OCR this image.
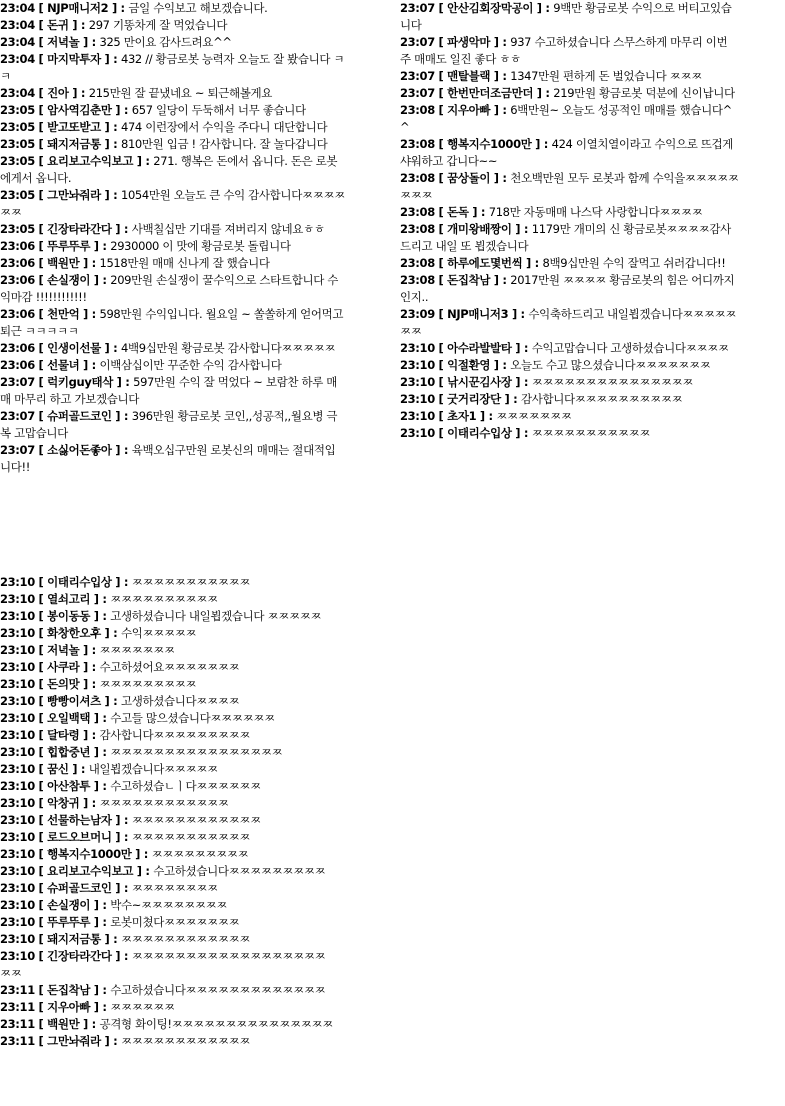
23:04 [ NJP매니저2 ] : 금일 수익보고 해보겠습니다.

23:04 [ 돈귀 ] : 297 기똥차게 잘 먹었습니다

23:04 [ 저녁놀 ] : 325 만이요 감사드려요^^

23:04 [ 마지막투자 ] : 432 // 황금로봇 능력자 오늘도 잘 봤습니다 ㅋㅋ

23:04 [ 진아 ] : 215만원 잘 끝냈네요 ~ 퇴근해볼게요

23:05 [ 암사역김춘만 ] : 657 일당이 두둑해서 너무 좋습니다

23:05 [ 받고또받고 ] : 474 이런장에서 수익을 주다니 대단합니다

23:05 [ 돼지저금통 ] : 810만원 입금 ! 감사합니다. 잘 놀다갑니다

23:05 [ 요리보고수익보고 ] : 271. 행복은 돈에서 옵니다. 돈은 로봇에게서 옵니다.

23:05 [ 그만놔줘라 ] : 1054만원 오늘도 큰 수익 감사합니다ㅉㅉㅉㅉㅉㅉ

23:05 [ 긴장타라간다 ] : 사백칠십만 기대를 져버리지 않네요ㅎㅎ

23:06 [ 뚜루뚜루 ] : 2930000 이 맛에 황금로봇 돌립니다

23:06 [ 백원만 ] : 1518만원 매매 신나게 잘 했습니다

23:06 [ 손실쟁이 ] : 209만원 손실쟁이 꿀수익으로 스타트합니다 수익마감 !!!!!!!!!!!!

23:06 [ 천만억 ] : 598만원 수익입니다. 월요일 ~ 쏠쏠하게 얻어먹고 퇴근 ㅋㅋㅋㅋㅋ

23:06 [ 인생이선물 ] : 4백9십만원 황금로봇 감사합니다ㅉㅉㅉㅉㅉ

23:06 [ 선물녀 ] : 이백삼십이만 꾸준한 수익 감사합니다

23:07 [ 럭키guy태삭 ] : 597만원 수익 잘 먹었다 ~ 보람찬 하루 매매 마무리 하고 가보겠습니다

23:07 [ 슈퍼골드코인 ] : 396만원 황금로봇 코인,,성공적,,월요병 극복 고맙습니다

23:07 [ 소싫어돈좋아 ] : 육백오십구만원 로봇신의 매매는 절대적입니다!!

23:07 [ 안산김회장막공이 ] : 9백만 황금로봇 수익으로 버티고있습니다

23:07 [ 파생악마 ] : 937 수고하셨습니다 스무스하게 마무리 이번 주 매매도 일진 좋다 ㅎㅎ

23:07 [ 맨탈블랙 ] : 1347만원 편하게 돈 벌었습니다 ㅉㅉㅉ

23:07 [ 한번만더조금만더 ] : 219만원 황금로봇 덕분에 신이납니다

23:08 [ 지우아빠 ] : 6백만원~ 오늘도 성공적인 매매를 했습니다^^

23:08 [ 행복지수1000만 ] : 424 이열치열이라고 수익으로 뜨겁게 샤워하고 갑니다~~

23:08 [ 꿈상돌이 ] : 천오백만원 모두 로봇과 함께 수익을ㅉㅉㅉㅉㅉㅉㅉㅉ

23:08 [ 돈독 ] : 718만 자동매매 나스닥 사랑합니다ㅉㅉㅉㅉ

23:08 [ 개미왕배짱이 ] : 1179만 개미의 신 황금로봇ㅉㅉㅉㅉ감사드리고 내일 또 뵙겠습니다

23:08 [ 하루에도몇번씩 ] : 8백9십만원 수익 잘먹고 쉬러갑니다!!

23:08 [ 돈집착남 ] : 2017만원 ㅉㅉㅉㅉ 황금로봇의 힘은 어디까지인지..

23:09 [ NJP매니저3 ] : 수익축하드리고 내일뵙겠습니다ㅉㅉㅉㅉㅉㅉㅉ

23:10 [ 아수라발발타 ] : 수익고맙습니다 고생하셨습니다ㅉㅉㅉㅉ

23:10 [ 익절환영 ] : 오늘도 수고 많으셨습니다ㅉㅉㅉㅉㅉㅉㅉ

23:10 [ 낚시꾼김사장 ] : ㅉㅉㅉㅉㅉㅉㅉㅉㅉㅉㅉㅉㅉㅉㅉ

23:10 [ 굿거리장단 ] : 감사합니다ㅉㅉㅉㅉㅉㅉㅉㅉㅉㅉ

23:10 [ 초자1 ] : ㅉㅉㅉㅉㅉㅉㅉ

23:10 [ 이태리수입상 ] : ㅉㅉㅉㅉㅉㅉㅉㅉㅉㅉㅉ

23:10 [ 이태리수입상 ] : ㅉㅉㅉㅉㅉㅉㅉㅉㅉㅉㅉ

23:10 [ 열쇠고리 ] : ㅉㅉㅉㅉㅉㅉㅉㅉㅉㅉ

23:10 [ 봉이동동 ] : 고생하셨습니다 내일뵙겠습니다 ㅉㅉㅉㅉㅉ

23:10 [ 화창한오후 ] : 수익ㅉㅉㅉㅉㅉ

23:10 [ 저녁놀 ] : ㅉㅉㅉㅉㅉㅉㅉ

23:10 [ 사쿠라 ] : 수고하셨어요ㅉㅉㅉㅉㅉㅉㅉ

23:10 [ 돈의맛 ] : ㅉㅉㅉㅉㅉㅉㅉㅉㅉ

23:10 [ 빵빵이셔츠 ] : 고생하셨습니다ㅉㅉㅉㅉ

23:10 [ 오일백택 ] : 수고들 많으셨습니다ㅉㅉㅉㅉㅉㅉ

23:10 [ 달타령 ] : 감사합니다ㅉㅉㅉㅉㅉㅉㅉㅉㅉ

23:10 [ 힙합중년 ] : ㅉㅉㅉㅉㅉㅉㅉㅉㅉㅉㅉㅉㅉㅉㅉㅉ

23:10 [ 꿈신 ] : 내일뵙겠습니다ㅉㅉㅉㅉㅉ

23:10 [ 아산참투 ] : 수고하셨습ㄴㅣ다ㅉㅉㅉㅉㅉㅉ

23:10 [ 악창귀 ] : ㅉㅉㅉㅉㅉㅉㅉㅉㅉㅉㅉㅉ

23:10 [ 선물하는남자 ] : ㅉㅉㅉㅉㅉㅉㅉㅉㅉㅉㅉㅉ

23:10 [ 로드오브머니 ] : ㅉㅉㅉㅉㅉㅉㅉㅉㅉㅉㅉ

23:10 [ 행복지수1000만 ] : ㅉㅉㅉㅉㅉㅉㅉㅉㅉ

23:10 [ 요리보고수익보고 ] : 수고하셨습니다ㅉㅉㅉㅉㅉㅉㅉㅉㅉ

23:10 [ 슈퍼골드코인 ] : ㅉㅉㅉㅉㅉㅉㅉㅉ

23:10 [ 손실쟁이 ] : 박수~ㅉㅉㅉㅉㅉㅉㅉㅉ

23:10 [ 뚜루뚜루 ] : 로봇미쳤다ㅉㅉㅉㅉㅉㅉㅉ

23:10 [ 돼지저금통 ] : ㅉㅉㅉㅉㅉㅉㅉㅉㅉㅉㅉㅉ

23:10 [ 긴장타라간다 ] : ㅉㅉㅉㅉㅉㅉㅉㅉㅉㅉㅉㅉㅉㅉㅉㅉㅉㅉㅉㅉ

23:11 [ 돈집착남 ] : 수고하셨습니다ㅉㅉㅉㅉㅉㅉㅉㅉㅉㅉㅉㅉㅉ

23:11 [ 지우아빠 ] : ㅉㅉㅉㅉㅉㅉ

23:11 [ 백원만 ] : 공격형 화이팅!ㅉㅉㅉㅉㅉㅉㅉㅉㅉㅉㅉㅉㅉㅉㅉ

23:11 [ 그만놔줘라 ] : ㅉㅉㅉㅉㅉㅉㅉㅉㅉㅉㅉㅉ
